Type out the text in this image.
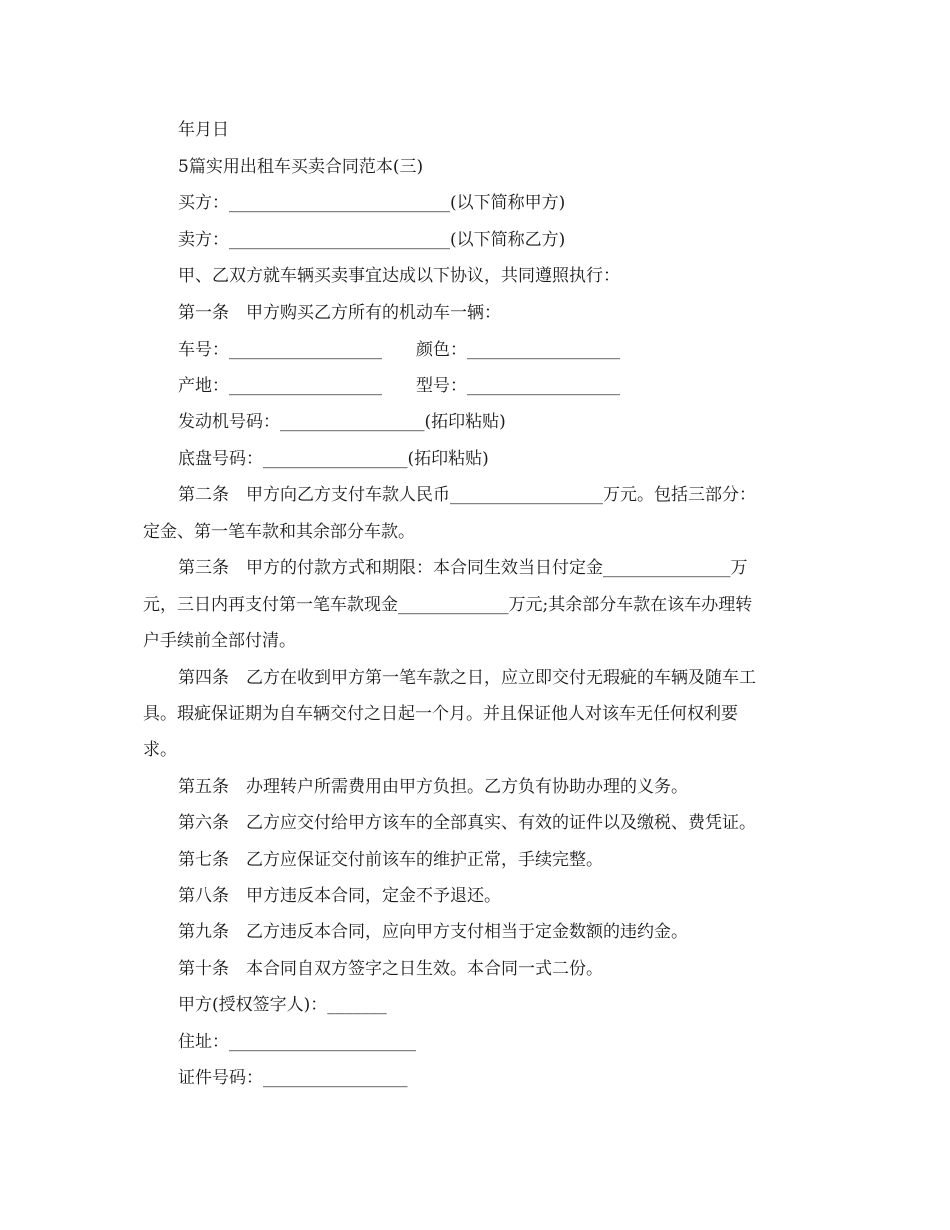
年月日
5篇实用出租车买卖合同范本(三)
买方：__________________________(以下简称甲方)
卖方：__________________________(以下简称乙方)
甲、乙双方就车辆买卖事宜达成以下协议，共同遵照执行：
第一条　甲方购买乙方所有的机动车一辆：
车号：__________________　　颜色：__________________
产地：__________________　　型号：__________________
发动机号码：_________________(拓印粘贴)
底盘号码：_________________(拓印粘贴)
第二条　甲方向乙方支付车款人民币__________________万元。包括三部分：
定金、第一笔车款和其余部分车款。
第三条　甲方的付款方式和期限：本合同生效当日付定金_______________万
元，三日内再支付第一笔车款现金_____________万元;其余部分车款在该车办理转
户手续前全部付清。
第四条　乙方在收到甲方第一笔车款之日，应立即交付无瑕疵的车辆及随车工
具。瑕疵保证期为自车辆交付之日起一个月。并且保证他人对该车无任何权利要
求。
第五条　办理转户所需费用由甲方负担。乙方负有协助办理的义务。
第六条　乙方应交付给甲方该车的全部真实、有效的证件以及缴税、费凭证。
第七条　乙方应保证交付前该车的维护正常，手续完整。
第八条　甲方违反本合同，定金不予退还。
第九条　乙方违反本合同，应向甲方支付相当于定金数额的违约金。
第十条　本合同自双方签字之日生效。本合同一式二份。
甲方(授权签字人)：_______
住址：______________________
证件号码：_________________
